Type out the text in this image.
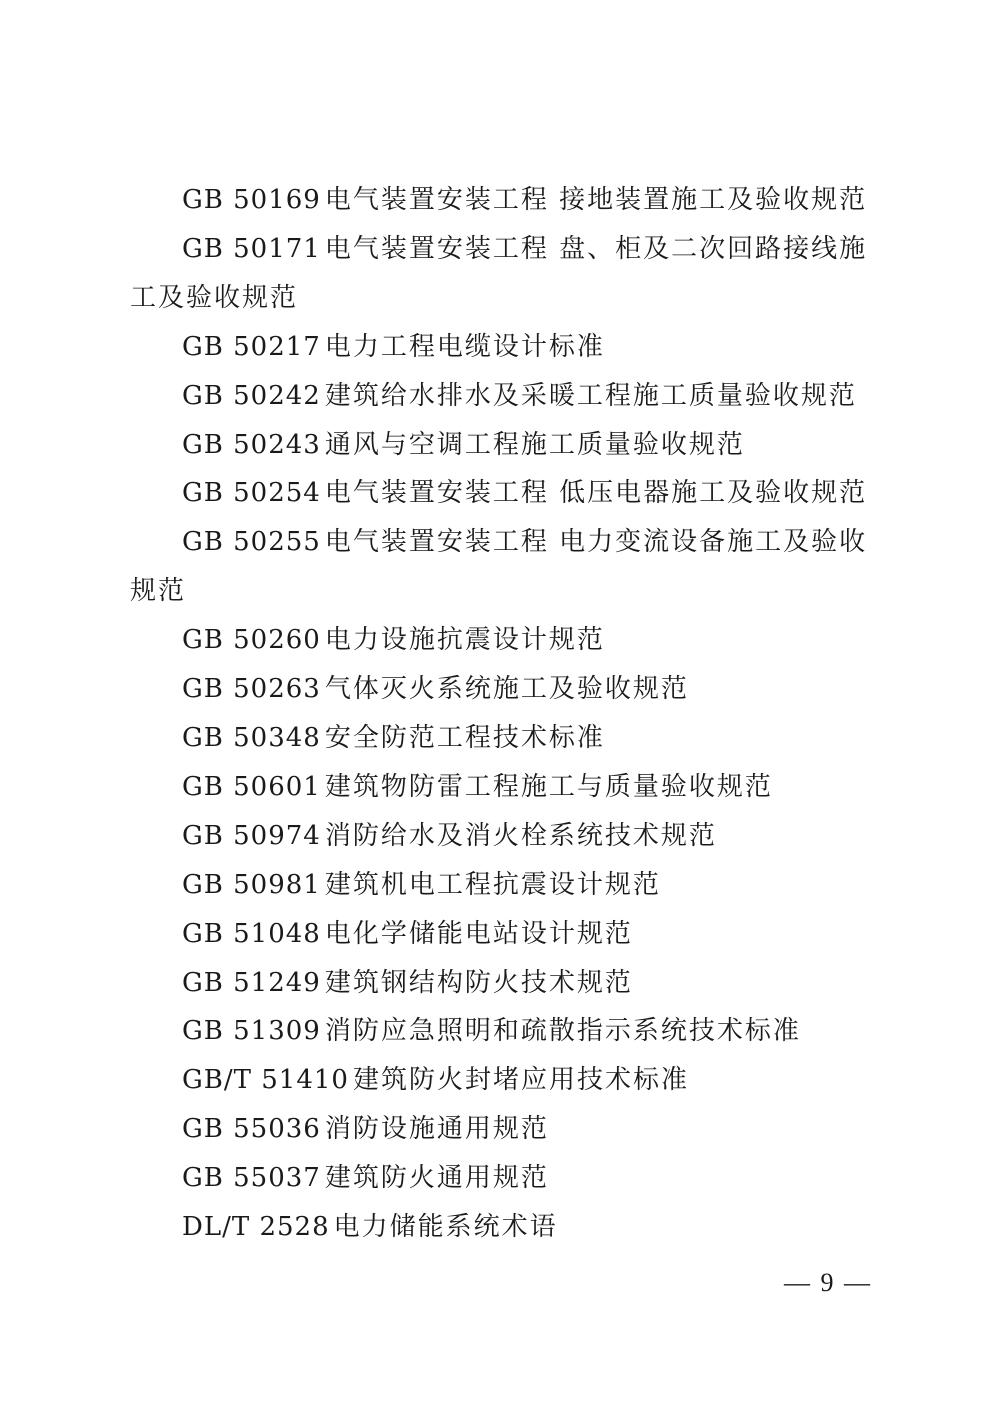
GB 50169 电气装置安装工程 接地装置施工及验收规范
GB 50171 电气装置安装工程 盘、柜及二次回路接线施工及验收规范
GB 50217 电力工程电缆设计标准
GB 50242 建筑给水排水及采暖工程施工质量验收规范
GB 50243 通风与空调工程施工质量验收规范
GB 50254 电气装置安装工程 低压电器施工及验收规范
GB 50255 电气装置安装工程 电力变流设备施工及验收规范
GB 50260 电力设施抗震设计规范
GB 50263 气体灭火系统施工及验收规范
GB 50348 安全防范工程技术标准
GB 50601 建筑物防雷工程施工与质量验收规范
GB 50974 消防给水及消火栓系统技术规范
GB 50981 建筑机电工程抗震设计规范
GB 51048 电化学储能电站设计规范
GB 51249 建筑钢结构防火技术规范
GB 51309 消防应急照明和疏散指示系统技术标准
GB/T 51410 建筑防火封堵应用技术标准
GB 55036 消防设施通用规范
GB 55037 建筑防火通用规范
DL/T 2528 电力储能系统术语
— 9 —
